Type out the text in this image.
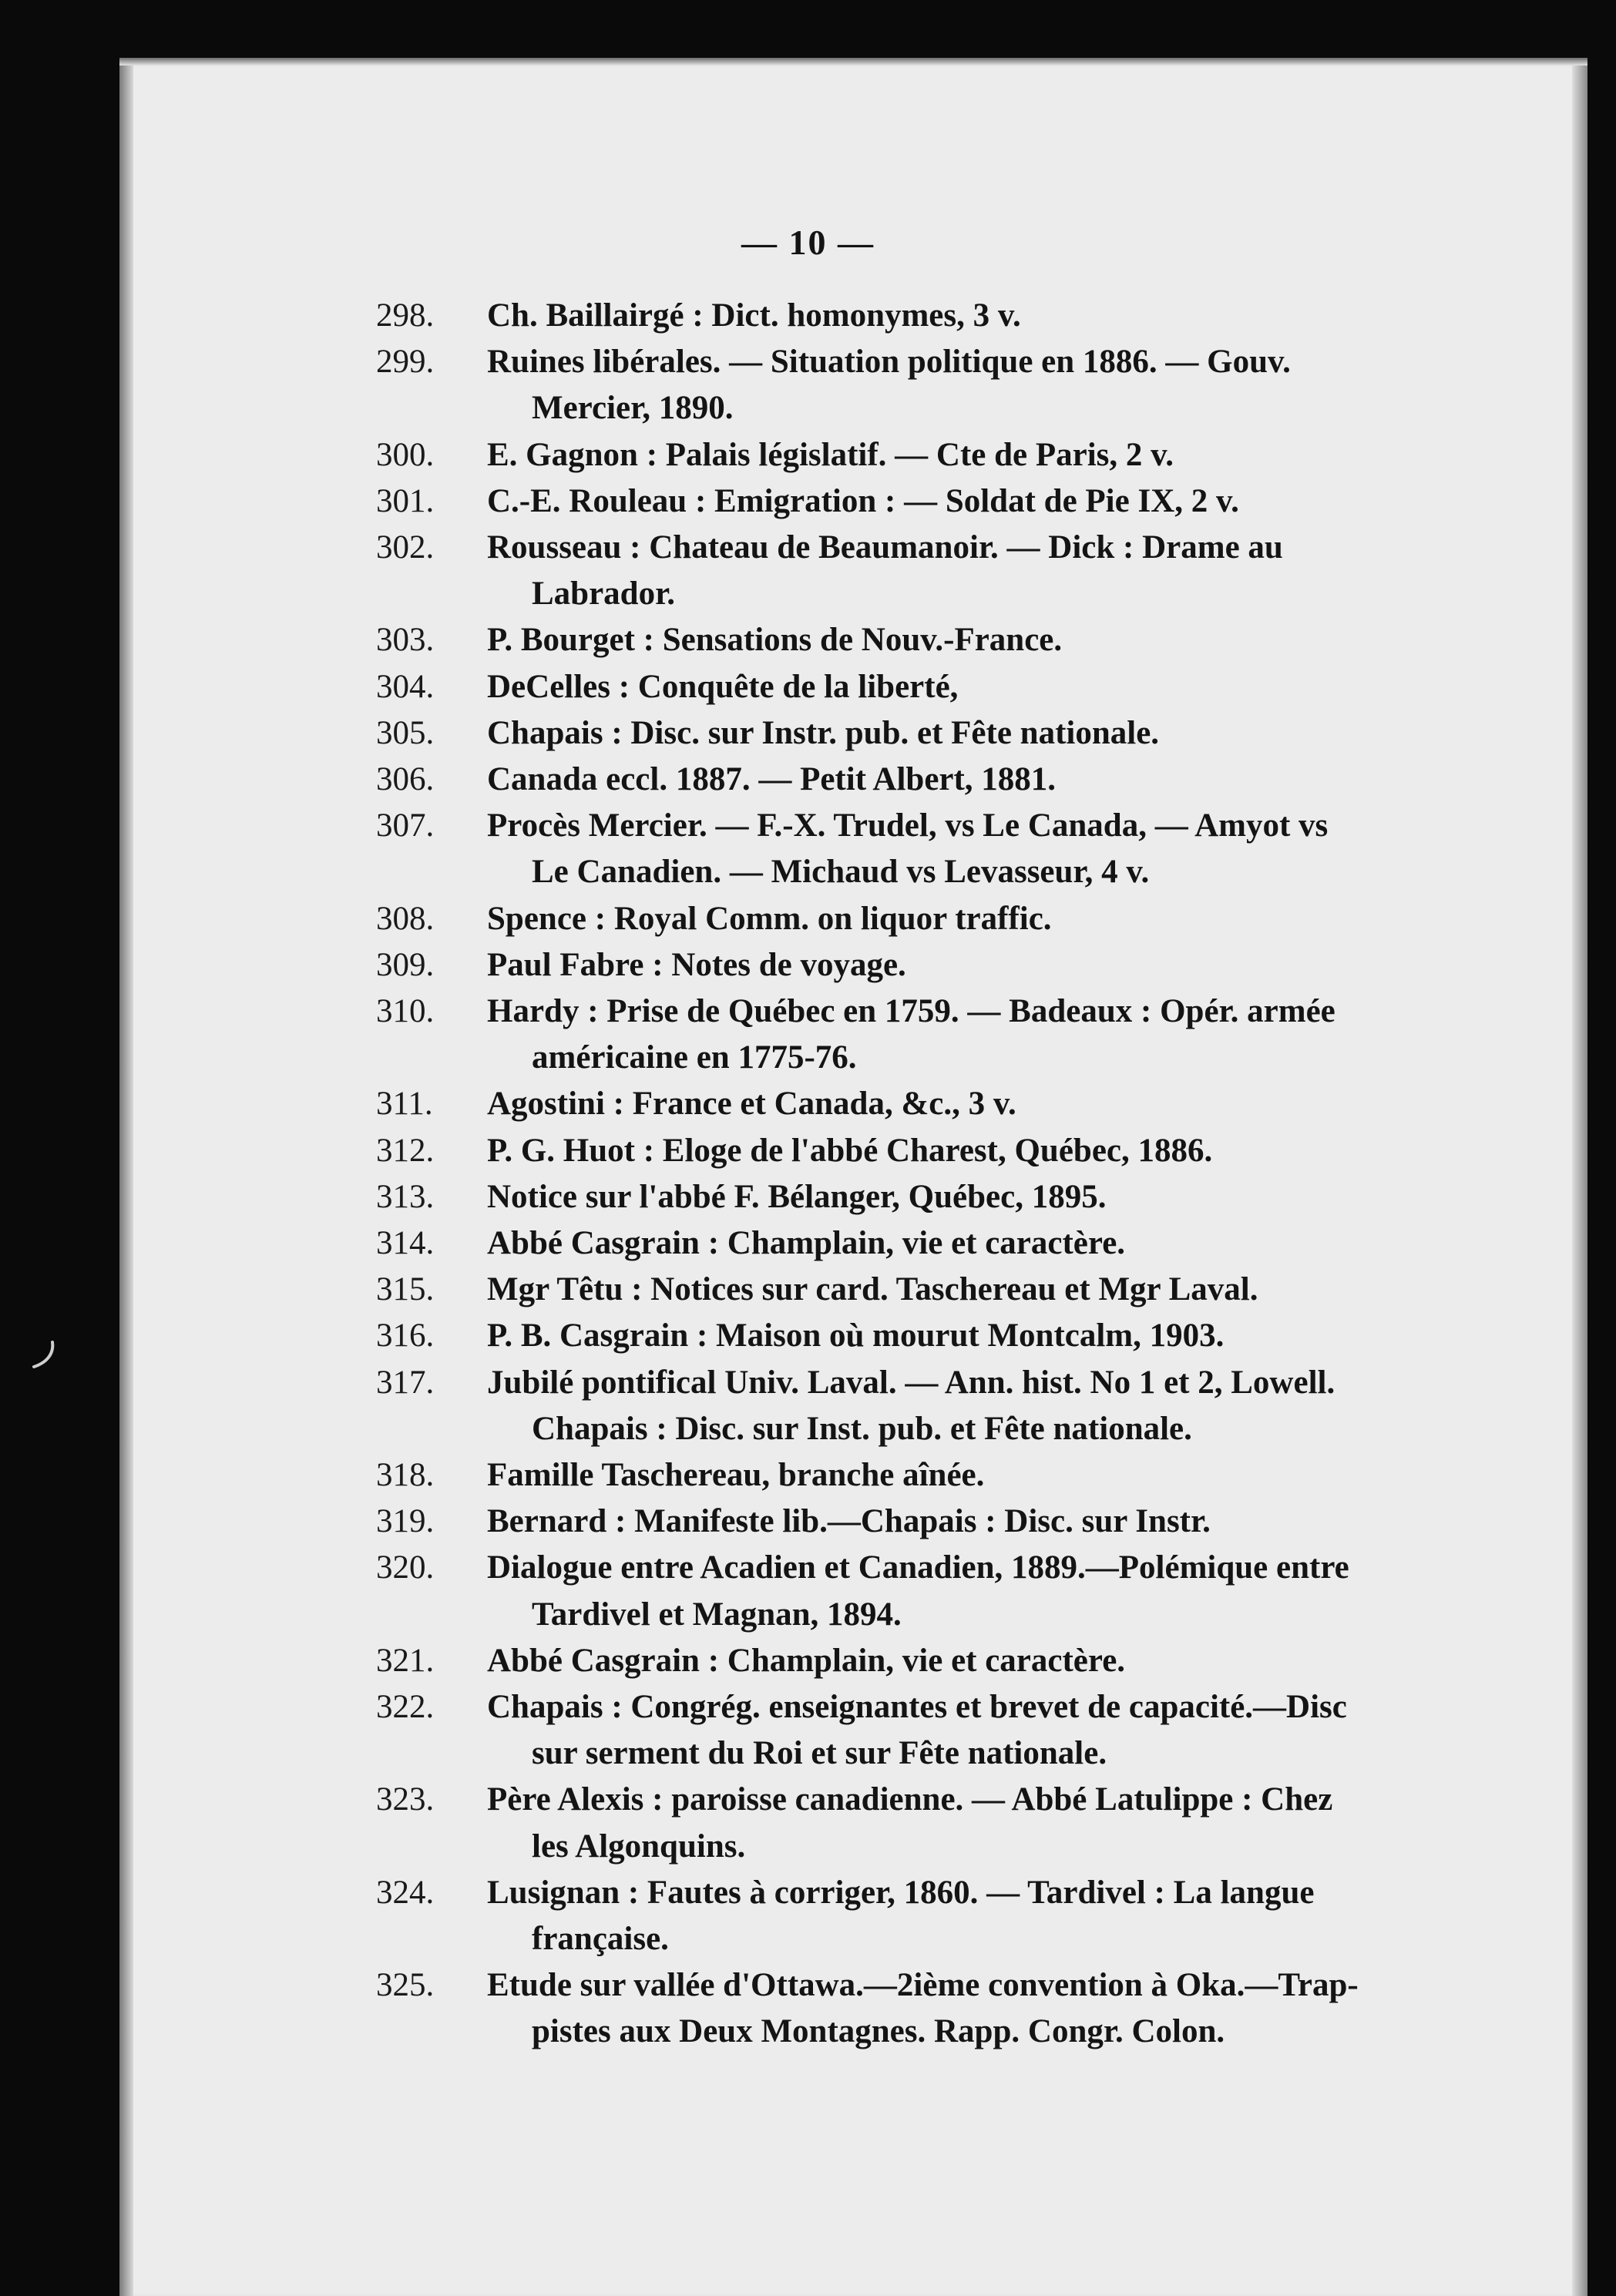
— 10 —
298. Ch. Baillairgé : Dict. homonymes, 3 v.
299. Ruines libérales. — Situation politique en 1886. — Gouv.
Mercier, 1890.
300. E. Gagnon : Palais législatif. — Cte de Paris, 2 v.
301. C.-E. Rouleau : Emigration : — Soldat de Pie IX, 2 v.
302. Rousseau : Chateau de Beaumanoir. — Dick : Drame au
Labrador.
303. P. Bourget : Sensations de Nouv.-France.
304. DeCelles : Conquête de la liberté,
305. Chapais : Disc. sur Instr. pub. et Fête nationale.
306. Canada eccl. 1887. — Petit Albert, 1881.
307. Procès Mercier. — F.-X. Trudel, vs Le Canada, — Amyot vs
Le Canadien. — Michaud vs Levasseur, 4 v.
308. Spence : Royal Comm. on liquor traffic.
309. Paul Fabre : Notes de voyage.
310. Hardy : Prise de Québec en 1759. — Badeaux : Opér. armée
américaine en 1775-76.
311. Agostini : France et Canada, &c., 3 v.
312. P. G. Huot : Eloge de l'abbé Charest, Québec, 1886.
313. Notice sur l'abbé F. Bélanger, Québec, 1895.
314. Abbé Casgrain : Champlain, vie et caractère.
315. Mgr Têtu : Notices sur card. Taschereau et Mgr Laval.
316. P. B. Casgrain : Maison où mourut Montcalm, 1903.
317. Jubilé pontifical Univ. Laval. — Ann. hist. No 1 et 2, Lowell.
Chapais : Disc. sur Inst. pub. et Fête nationale.
318. Famille Taschereau, branche aînée.
319. Bernard : Manifeste lib.—Chapais : Disc. sur Instr.
320. Dialogue entre Acadien et Canadien, 1889.—Polémique entre
Tardivel et Magnan, 1894.
321. Abbé Casgrain : Champlain, vie et caractère.
322. Chapais : Congrég. enseignantes et brevet de capacité.—Disc
sur serment du Roi et sur Fête nationale.
323. Père Alexis : paroisse canadienne. — Abbé Latulippe : Chez
les Algonquins.
324. Lusignan : Fautes à corriger, 1860. — Tardivel : La langue
française.
325. Etude sur vallée d'Ottawa.—2ième convention à Oka.—Trap-
pistes aux Deux Montagnes. Rapp. Congr. Colon.
